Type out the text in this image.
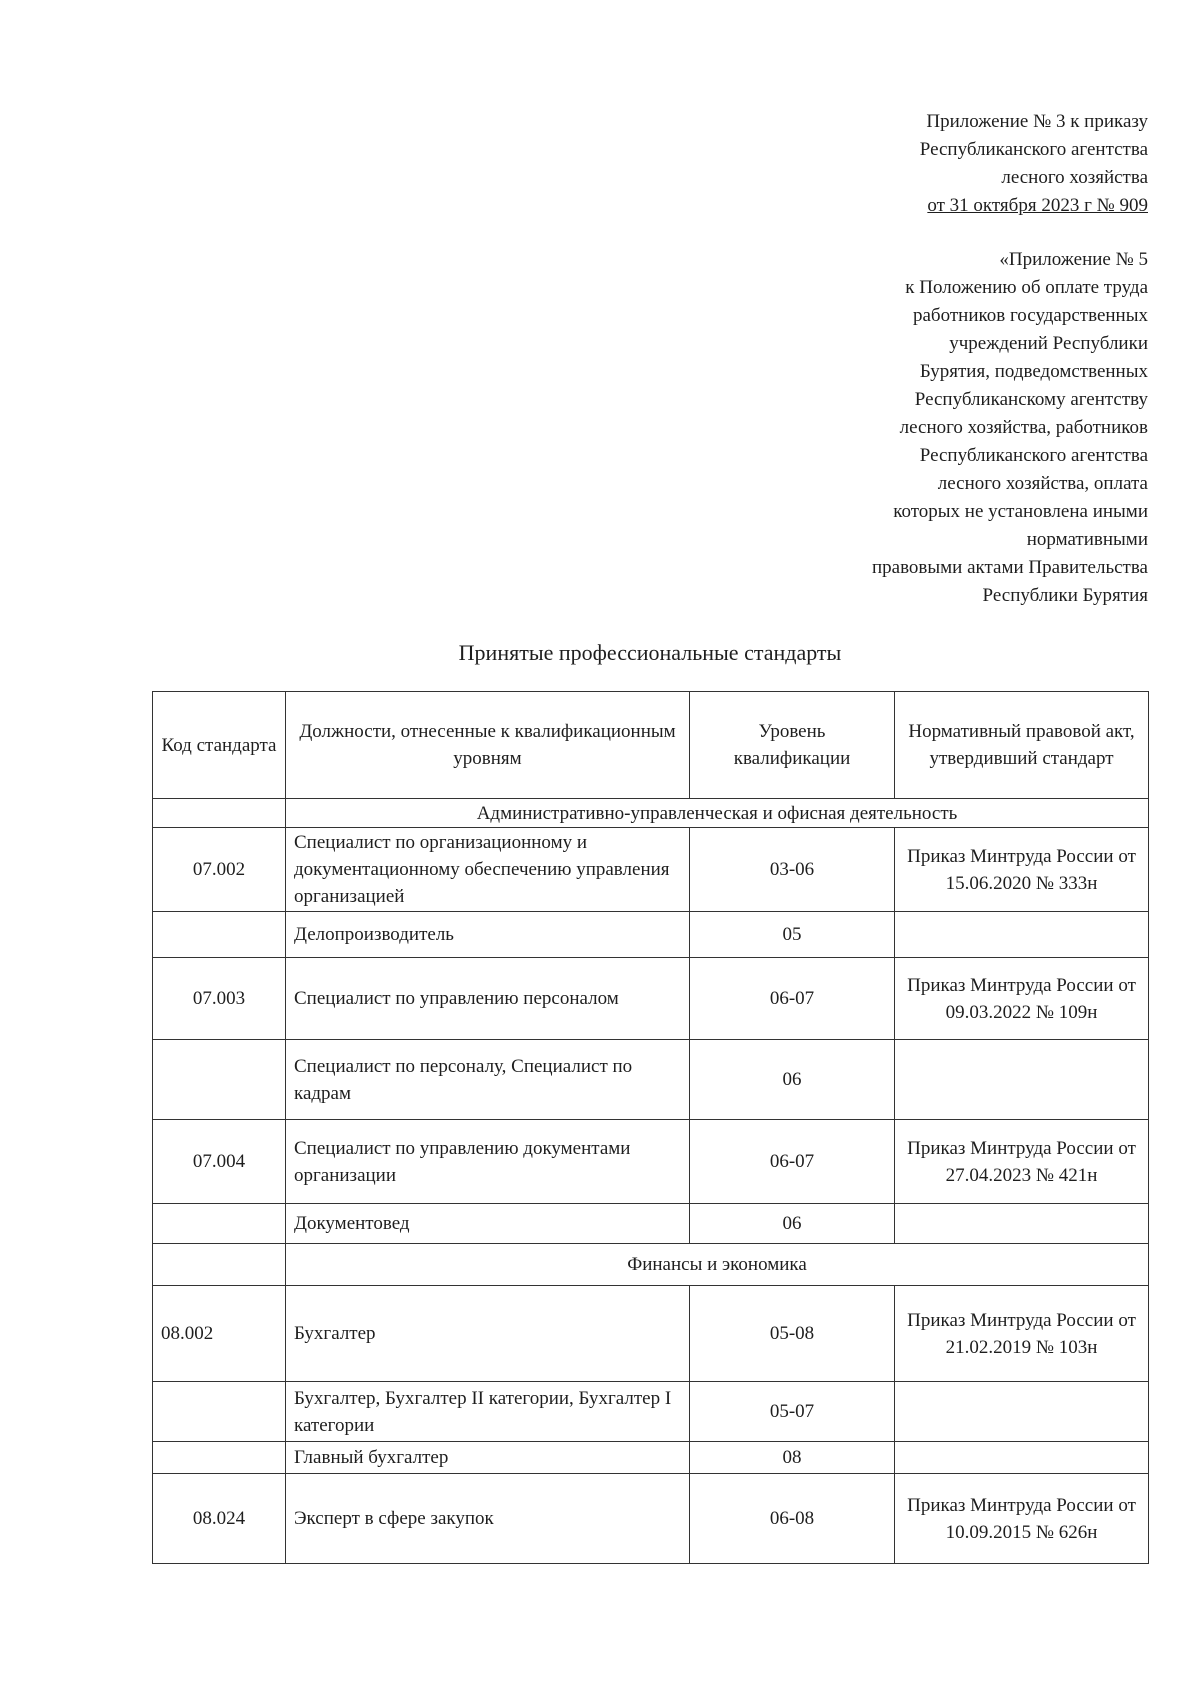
Приложение № 3 к приказу
Республиканского агентства
лесного хозяйства
от 31 октября 2023 г № 909
«Приложение № 5
к Положению об оплате труда
работников государственных
учреждений Республики
Бурятия, подведомственных
Республиканскому агентству
лесного хозяйства, работников
Республиканского агентства
лесного хозяйства, оплата
которых не установлена иными
нормативными
правовыми актами Правительства
Республики Бурятия
Принятые профессиональные стандарты
Код стандарта	Должности, отнесенные к квалификационным уровням	Уровень квалификации	Нормативный правовой акт, утвердивший стандарт
	Административно-управленческая и офисная деятельность		
07.002	Специалист по организационному и документационному обеспечению управления организацией	03-06	Приказ Минтруда России от 15.06.2020 № 333н
	Делопроизводитель	05	
07.003	Специалист по управлению персоналом	06-07	Приказ Минтруда России от 09.03.2022 № 109н
	Специалист по персоналу, Специалист по кадрам	06	
07.004	Специалист по управлению документами организации	06-07	Приказ Минтруда России от 27.04.2023 № 421н
	Документовед	06	
	Финансы и экономика		
08.002	Бухгалтер	05-08	Приказ Минтруда России от 21.02.2019 № 103н
	Бухгалтер, Бухгалтер II категории, Бухгалтер I категории	05-07	
	Главный бухгалтер	08	
08.024	Эксперт в сфере закупок	06-08	Приказ Минтруда России от 10.09.2015 № 626н
